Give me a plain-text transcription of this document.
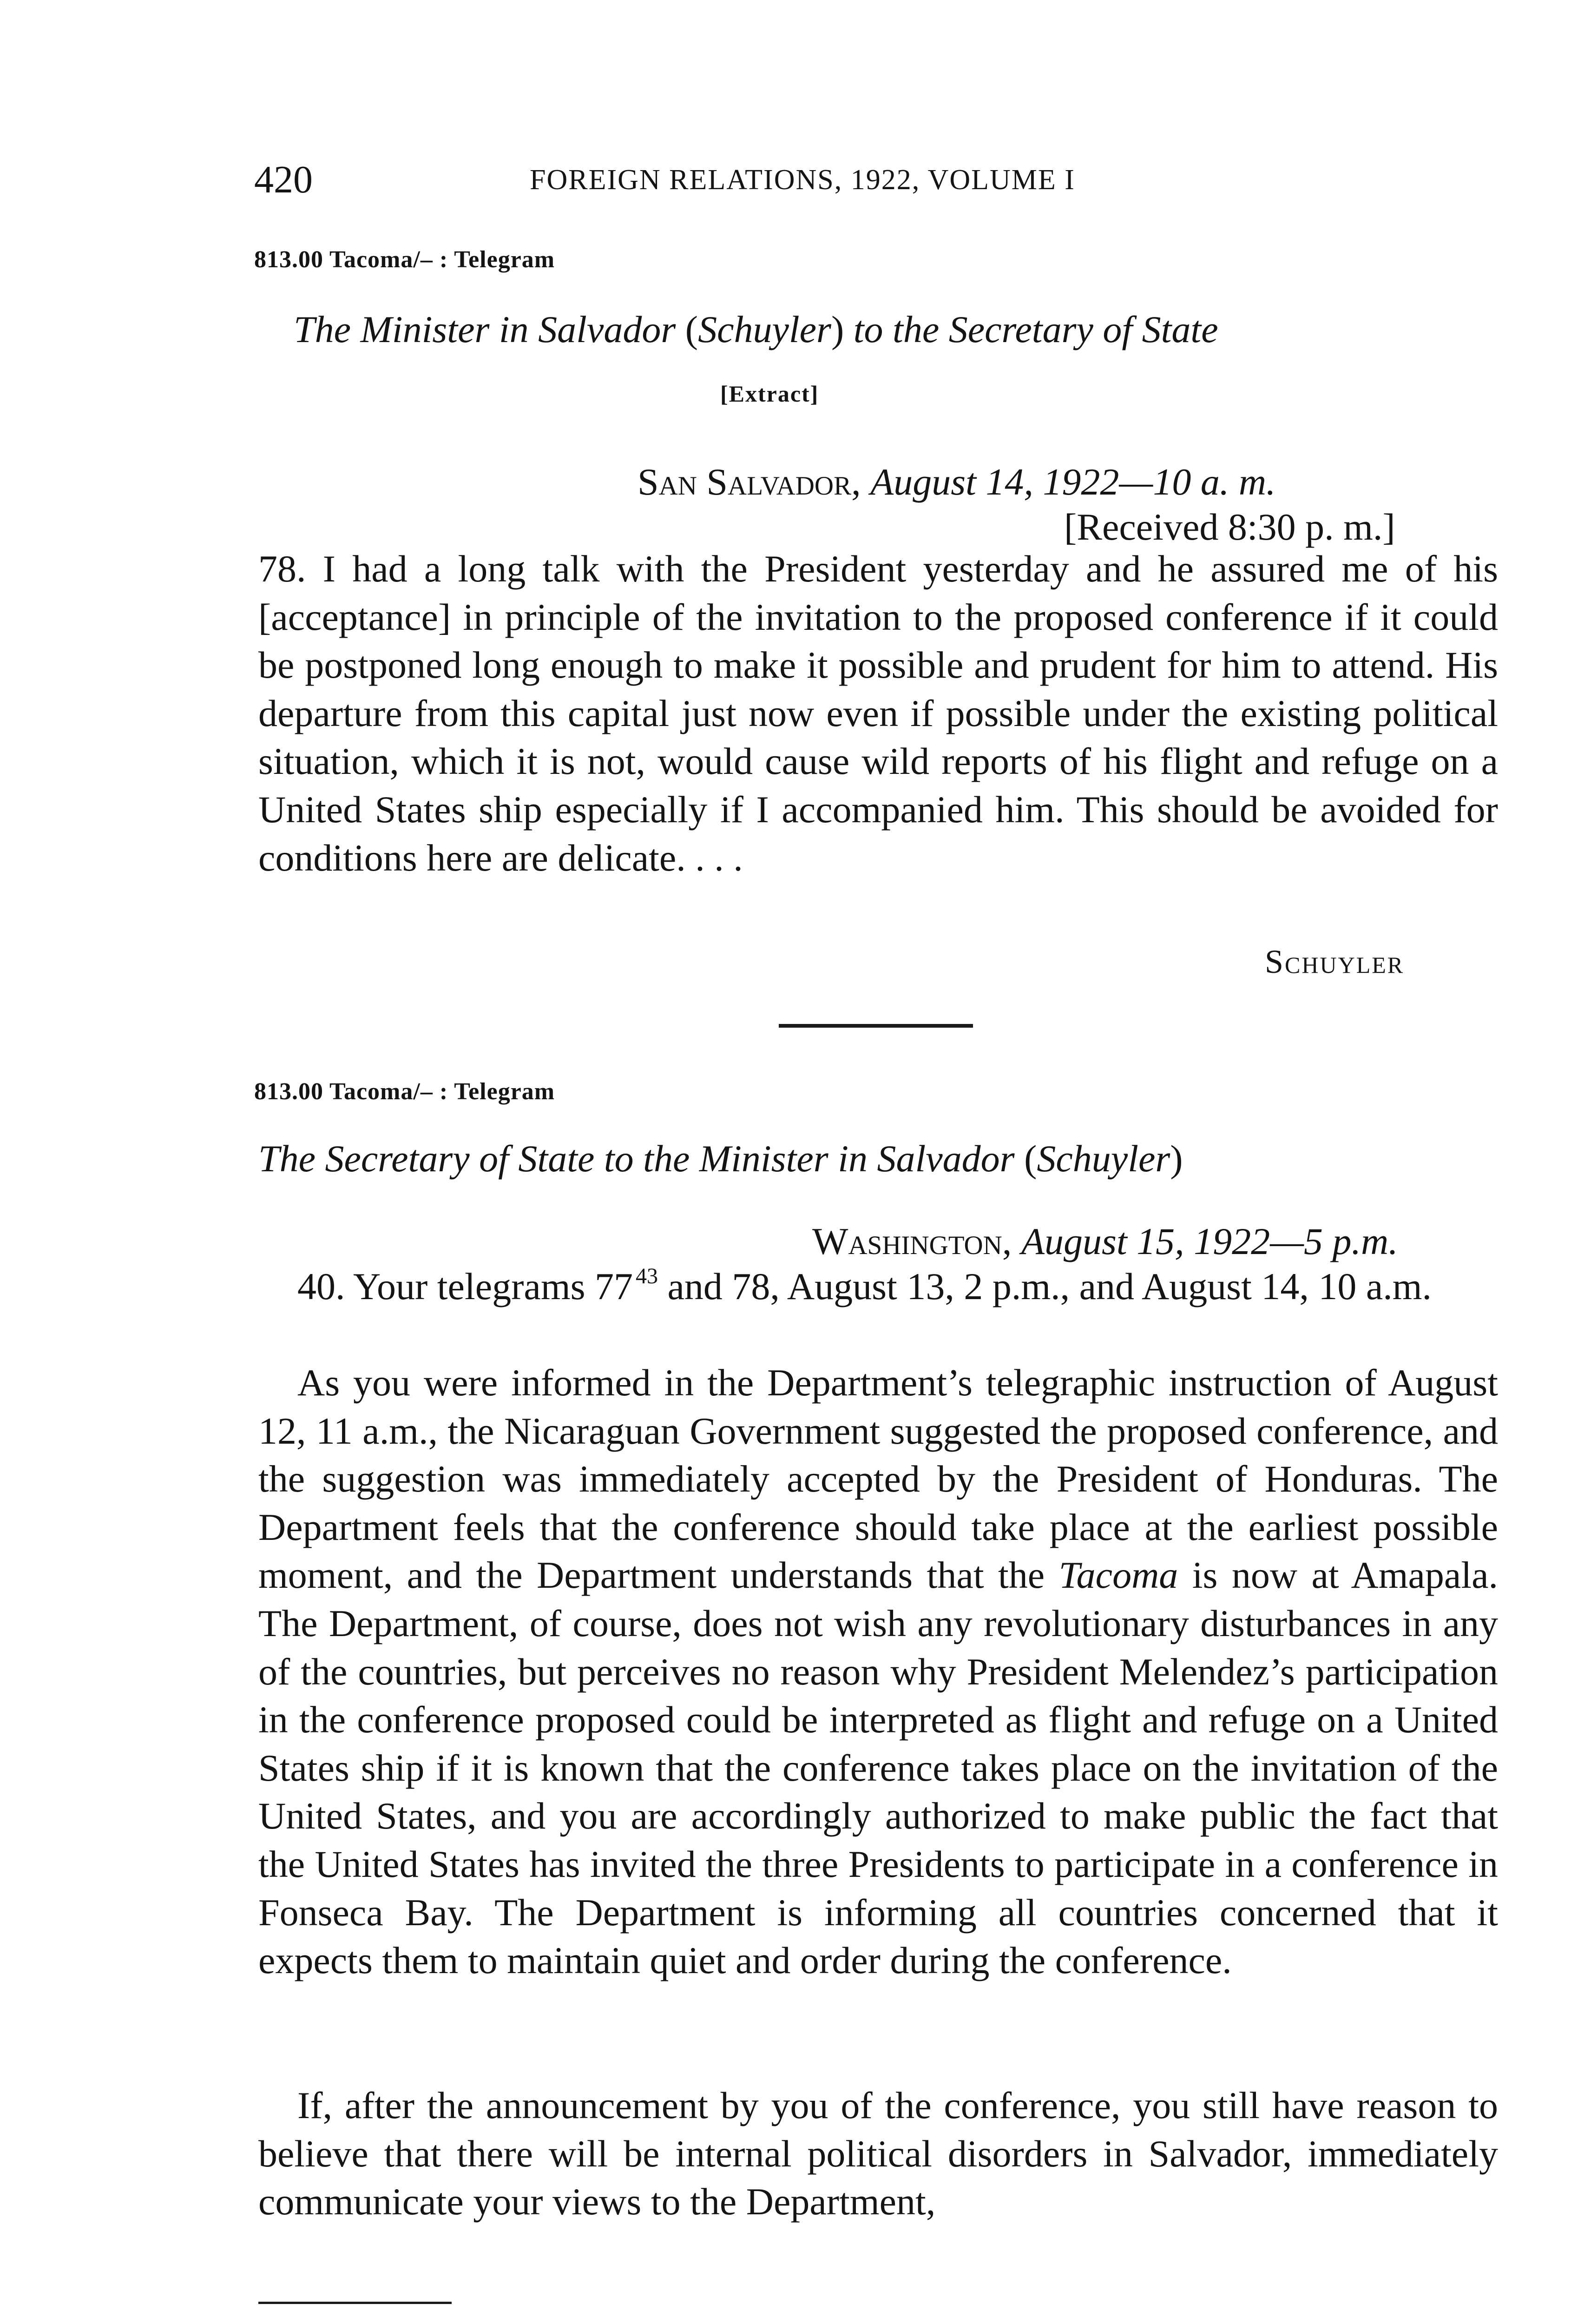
420	FOREIGN RELATIONS, 1922, VOLUME I
813.00 Tacoma/– : Telegram
The Minister in Salvador (Schuyler) to the Secretary of State
[Extract]
San Salvador, August 14, 1922—10 a. m.
[Received 8:30 p. m.]

78. I had a long talk with the President yesterday and he assured me of his [acceptance] in principle of the invitation to the proposed conference if it could be postponed long enough to make it possible and prudent for him to attend. His departure from this capital just now even if possible under the existing political situation, which it is not, would cause wild reports of his flight and refuge on a United States ship especially if I accompanied him. This should be avoided for conditions here are delicate. . . .

Schuyler
813.00 Tacoma/– : Telegram
The Secretary of State to the Minister in Salvador (Schuyler)
Washington, August 15, 1922—5 p.m.

40. Your telegrams 77 $^{43}$ and 78, August 13, 2 p.m., and August 14, 10 a.m.

As you were informed in the Department’s telegraphic instruction of August 12, 11 a.m., the Nicaraguan Government suggested the proposed conference, and the suggestion was immediately accepted by the President of Honduras. The Department feels that the conference should take place at the earliest possible moment, and the Department understands that the Tacoma is now at Amapala. The Department, of course, does not wish any revolutionary disturbances in any of the countries, but perceives no reason why President Melendez’s participation in the conference proposed could be interpreted as flight and refuge on a United States ship if it is known that the conference takes place on the invitation of the United States, and you are accordingly authorized to make public the fact that the United States has invited the three Presidents to participate in a conference in Fonseca Bay. The Department is informing all countries concerned that it expects them to maintain quiet and order during the conference.

If, after the announcement by you of the conference, you still have reason to believe that there will be internal political disorders in Salvador, immediately communicate your views to the Department,
